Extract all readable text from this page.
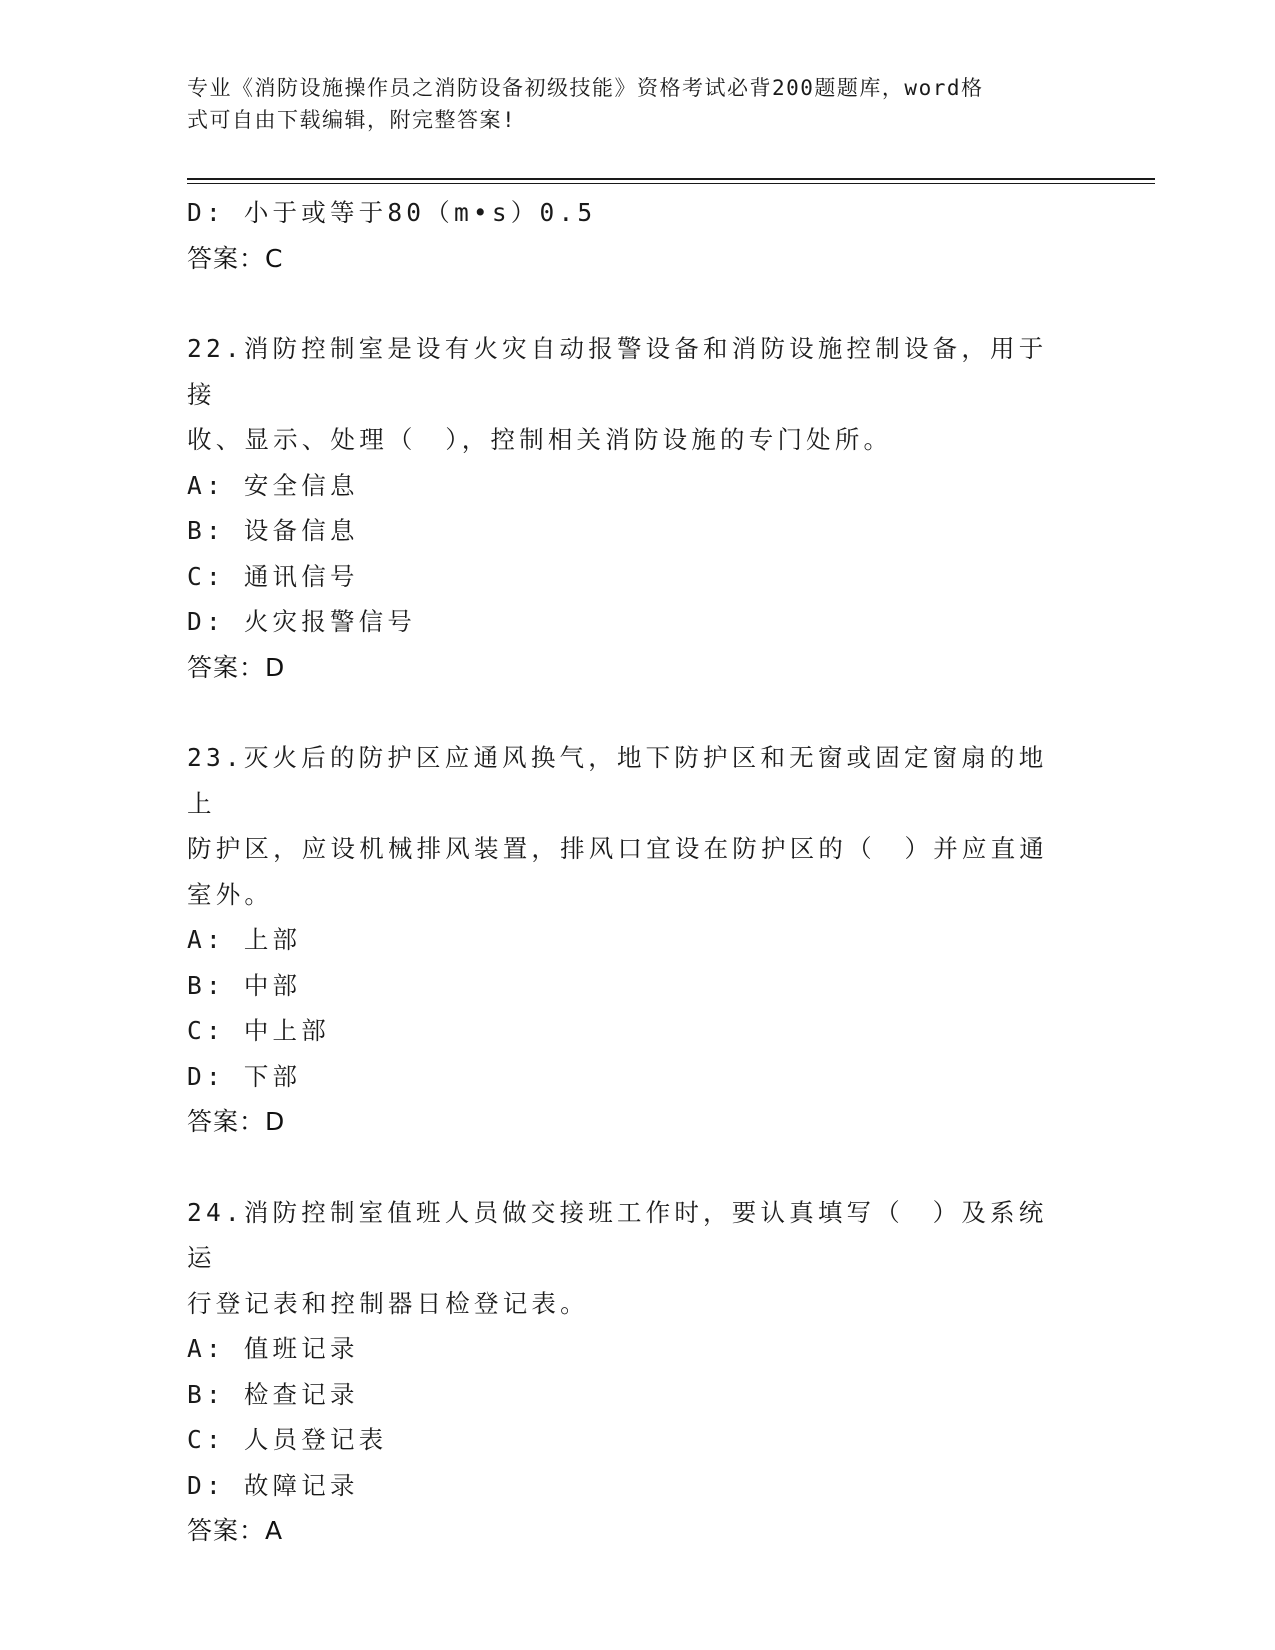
专业《消防设施操作员之消防设备初级技能》资格考试必背200题题库，word格
式可自由下载编辑，附完整答案!
D: 小于或等于80（m•s）0.5
答案：C
22.消防控制室是设有火灾自动报警设备和消防设施控制设备，用于接
收、显示、处理（　），控制相关消防设施的专门处所。
A: 安全信息
B: 设备信息
C: 通讯信号
D: 火灾报警信号
答案：D
23.灭火后的防护区应通风换气，地下防护区和无窗或固定窗扇的地上
防护区，应设机械排风装置，排风口宜设在防护区的（　）并应直通
室外。
A: 上部
B: 中部
C: 中上部
D: 下部
答案：D
24.消防控制室值班人员做交接班工作时，要认真填写（　）及系统运
行登记表和控制器日检登记表。
A: 值班记录
B: 检查记录
C: 人员登记表
D: 故障记录
答案：A
